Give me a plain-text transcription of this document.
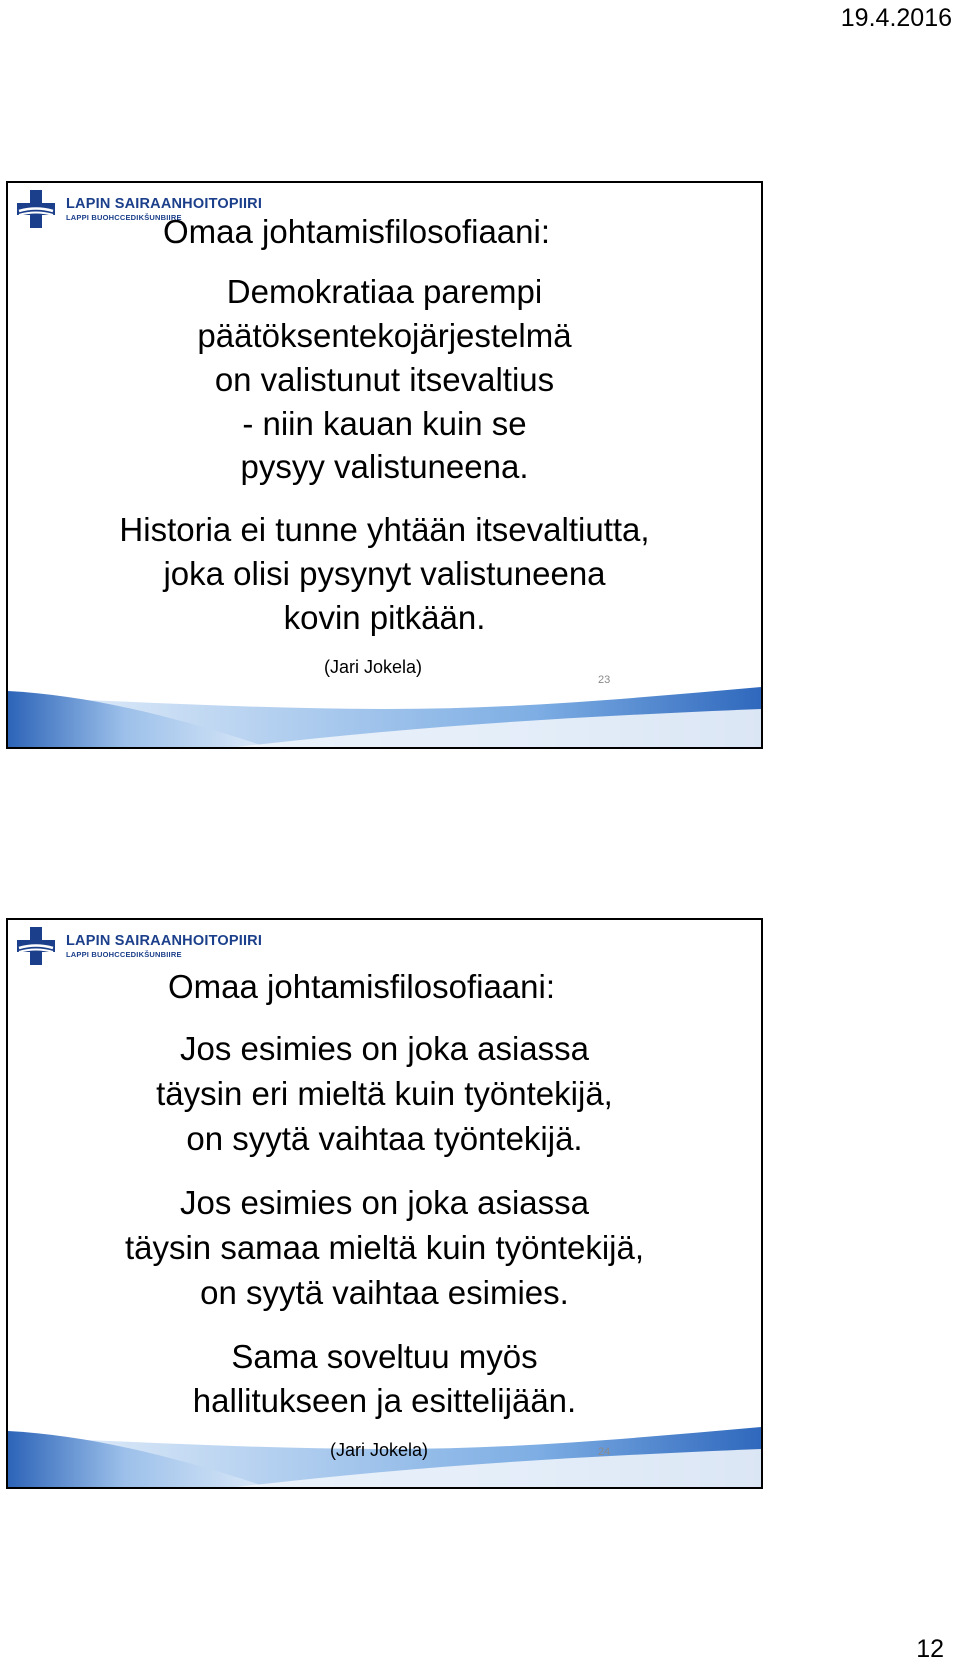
19.4.2016
LAPIN SAIRAANHOITOPIIRI
LAPPI BUOHCCEDIKŠUNBIIRE
Omaa johtamisfilosofiaani:
Demokratiaa parempi
päätöksentekojärjestelmä
on valistunut itsevaltius
- niin kauan kuin se
pysyy valistuneena.
Historia ei tunne yhtään itsevaltiutta,
joka olisi pysynyt valistuneena
kovin pitkään.
(Jari Jokela)
23
LAPIN SAIRAANHOITOPIIRI
LAPPI BUOHCCEDIKŠUNBIIRE
Omaa johtamisfilosofiaani:
Jos esimies on joka asiassa
täysin eri mieltä kuin työntekijä,
on syytä vaihtaa työntekijä.
Jos esimies on joka asiassa
täysin samaa mieltä kuin työntekijä,
on syytä vaihtaa esimies.
Sama soveltuu myös
hallitukseen ja esittelijään.
(Jari Jokela)	24
12
